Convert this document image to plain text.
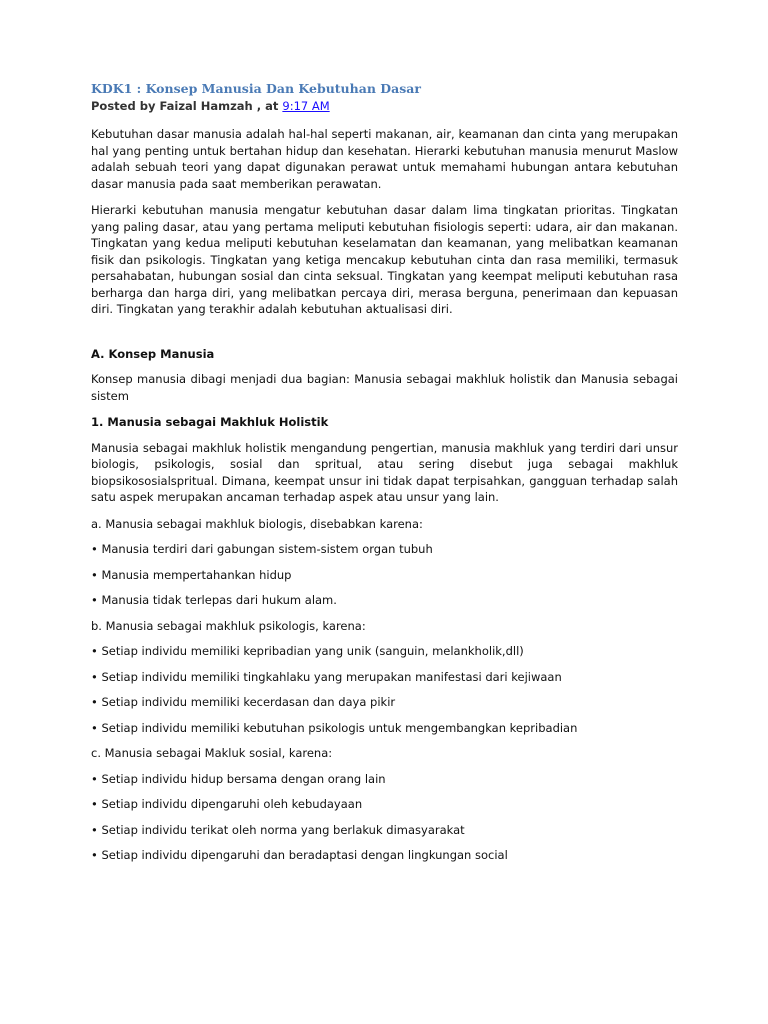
KDK1 : Konsep Manusia Dan Kebutuhan Dasar
Posted by Faizal Hamzah , at 9:17 AM

Kebutuhan dasar manusia adalah hal-hal seperti makanan, air, keamanan dan cinta yang merupakan hal yang penting untuk bertahan hidup dan kesehatan. Hierarki kebutuhan manusia menurut Maslow adalah sebuah teori yang dapat digunakan perawat untuk memahami hubungan antara kebutuhan dasar manusia pada saat memberikan perawatan.

Hierarki kebutuhan manusia mengatur kebutuhan dasar dalam lima tingkatan prioritas. Tingkatan yang paling dasar, atau yang pertama meliputi kebutuhan fisiologis seperti: udara, air dan makanan. Tingkatan yang kedua meliputi kebutuhan keselamatan dan keamanan, yang melibatkan keamanan fisik dan psikologis. Tingkatan yang ketiga mencakup kebutuhan cinta dan rasa memiliki, termasuk persahabatan, hubungan sosial dan cinta seksual. Tingkatan yang keempat meliputi kebutuhan rasa berharga dan harga diri, yang melibatkan percaya diri, merasa berguna, penerimaan dan kepuasan diri. Tingkatan yang terakhir adalah kebutuhan aktualisasi diri.

A. Konsep Manusia

Konsep manusia dibagi menjadi dua bagian: Manusia sebagai makhluk holistik dan Manusia sebagai sistem

1. Manusia sebagai Makhluk Holistik

Manusia sebagai makhluk holistik mengandung pengertian, manusia makhluk yang terdiri dari unsur biologis, psikologis, sosial dan spritual, atau sering disebut juga sebagai makhluk biopsikososialspritual. Dimana, keempat unsur ini tidak dapat terpisahkan, gangguan terhadap salah satu aspek merupakan ancaman terhadap aspek atau unsur yang lain.

a. Manusia sebagai makhluk biologis, disebabkan karena:

• Manusia terdiri dari gabungan sistem-sistem organ tubuh

• Manusia mempertahankan hidup

• Manusia tidak terlepas dari hukum alam.

b. Manusia sebagai makhluk psikologis, karena:

• Setiap individu memiliki kepribadian yang unik (sanguin, melankholik,dll)

• Setiap individu memiliki tingkahlaku yang merupakan manifestasi dari kejiwaan

• Setiap individu memiliki kecerdasan dan daya pikir

• Setiap individu memiliki kebutuhan psikologis untuk mengembangkan kepribadian

c. Manusia sebagai Makluk sosial, karena:

• Setiap individu hidup bersama dengan orang lain

• Setiap individu dipengaruhi oleh kebudayaan

• Setiap individu terikat oleh norma yang berlakuk dimasyarakat

• Setiap individu dipengaruhi dan beradaptasi dengan lingkungan social
